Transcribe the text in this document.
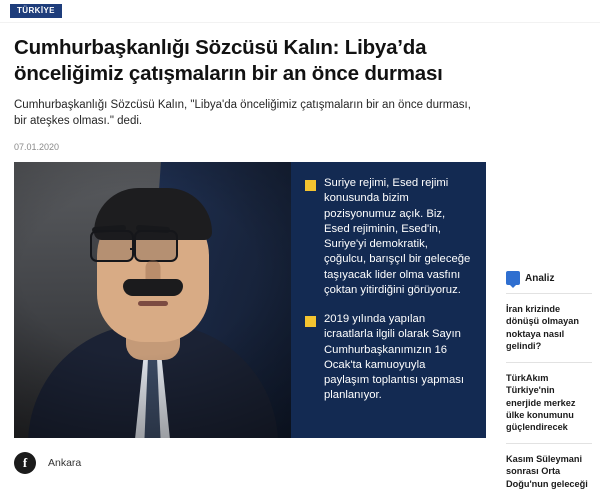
TÜRKİYE
Cumhurbaşkanlığı Sözcüsü Kalın: Libya’da önceliğimiz çatışmaların bir an önce durması

Cumhurbaşkanlığı Sözcüsü Kalın, "Libya'da önceliğimiz çatışmaların bir an önce durması, bir ateşkes olması." dedi.

07.01.2020
Suriye rejimi, Esed rejimi konusunda bizim pozisyonumuz açık. Biz, Esed rejiminin, Esed'in, Suriye'yi demokratik, çoğulcu, barışçıl bir geleceğe taşıyacak lider olma vasfını çoktan yitirdiğini görüyoruz.
2019 yılında yapılan icraatlarla ilgili olarak Sayın Cumhurbaşkanımızın 16 Ocak'ta kamuoyuyla paylaşım toplantısı yapması planlanıyor.
f	Ankara
Analiz
İran krizinde dönüşü olmayan noktaya nasıl gelindi?
TürkAkım Türkiye'nin enerjide merkez ülke konumunu güçlendirecek
Kasım Süleymani sonrası Orta Doğu'nun geleceği
